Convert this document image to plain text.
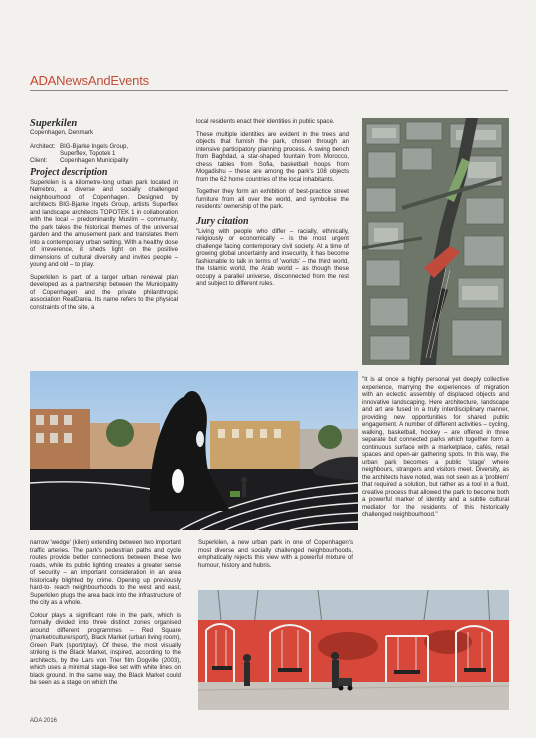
ADANewsAndEvents

Superkilen

Copenhagen, Denmark

Architect:	BIG-Bjarke Ingels Group,
	Superflex, Topotek 1
Client:	Copenhagen Municipality

Project description

Superkilen is a kilometre-long urban park located in Nørrebro, a diverse and socially challenged neighbourhood of Copenhagen. Designed by architects BIG-Bjarke Ingels Group, artists Superflex and landscape architects TOPOTEK 1 in collaboration with the local – predominantly Muslim – community, the park takes the historical themes of the universal garden and the amusement park and translates them into a contemporary urban setting. With a healthy dose of irreverence, it sheds light on the positive dimensions of cultural diversity and invites people – young and old – to play.

Superkilen is part of a larger urban renewal plan developed as a partnership between the Municipality of Copenhagen and the private philanthropic association RealDania. Its name refers to the physical constraints of the site, a

local residents enact their identities in public space.

These multiple identities are evident in the trees and objects that furnish the park, chosen through an intensive participatory planning process. A swing bench from Baghdad, a star-shaped fountain from Morocco, chess tables from Sofia, basketball hoops from Mogadishu – these are among the park's 108 objects from the 62 home countries of the local inhabitants.

Together they form an exhibition of best-practice street furniture from all over the world, and symbolise the residents' ownership of the park.

Jury citation

"Living with people who differ – racially, ethnically, religiously or economically – is the most urgent challenge facing contemporary civil society. At a time of growing global uncertainty and insecurity, it has become fashionable to talk in terms of 'worlds' – the third world, the Islamic world, the Arab world – as though these occupy a parallel universe, disconnected from the rest and subject to different rules.

"It is at once a highly personal yet deeply collective experience, marrying the experiences of migration with an eclectic assembly of displaced objects and innovative landscaping. Here architecture, landscape and art are fused in a truly interdisciplinary manner, providing new opportunities for shared public engagement. A number of different activities – cycling, walking, basketball, hockey – are offered in three separate but connected parks which together form a continuous surface with a marketplace, cafés, retail spaces and open-air gathering spots. In this way, the urban park becomes a public 'stage' where neighbours, strangers and visitors meet. Diversity, as the architects have noted, was not seen as a 'problem' that required a solution, but rather as a tool in a fluid, creative process that allowed the park to become both a powerful marker of identity and a subtle cultural mediator for the residents of this historically challenged neighbourhood."

narrow 'wedge' (kilen) extending between two important traffic arteries. The park's pedestrian paths and cycle routes provide better connections between these two roads, while its public lighting creates a greater sense of security – an important consideration in an area historically blighted by crime. Opening up previously hard-to- reach neighbourhoods to the west and east, Superkilen plugs the area back into the infrastructure of the city as a whole.

Colour plays a significant role in the park, which is formally divided into three distinct zones organised around different programmes – Red Square (market/culture/sport), Black Market (urban living room), Green Park (sport/play). Of these, the most visually striking is the Black Market, inspired, according to the architects, by the Lars von Trier film Dogville (2003), which uses a minimal stage-like set with white lines on black ground. In the same way, the Black Market could be seen as a stage on which the

Superkilen, a new urban park in one of Copenhagen's most diverse and socially challenged neighbourhoods, emphatically rejects this view with a powerful mixture of humour, history and hubris.

ADA 2016
